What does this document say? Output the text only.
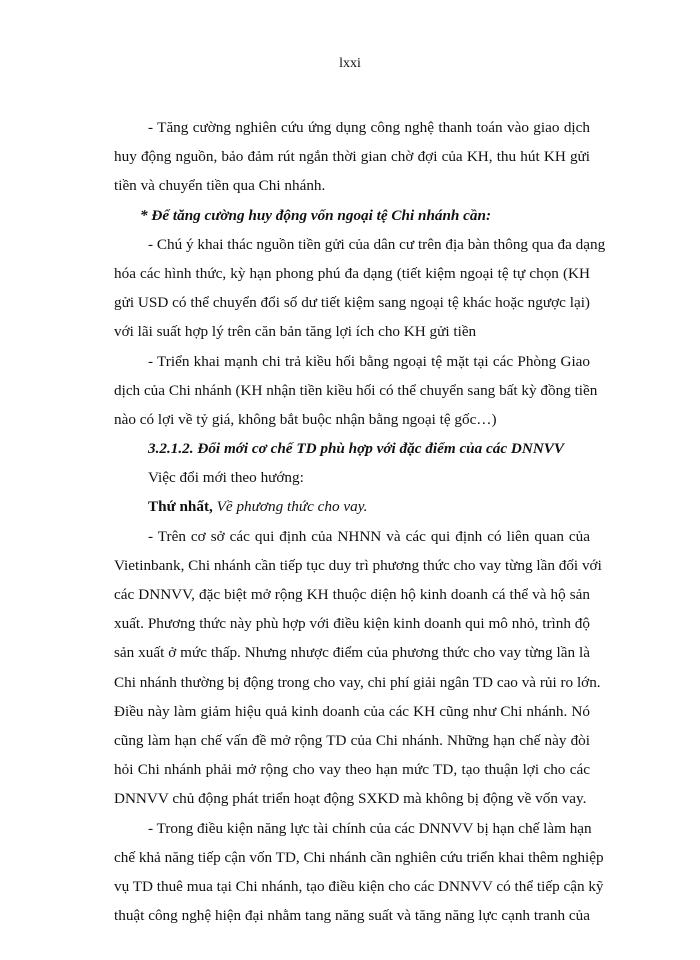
lxxi
- Tăng cường nghiên cứu ứng dụng công nghệ thanh toán vào giao dịch
huy động nguồn, bảo đảm rút ngắn thời gian chờ đợi của KH, thu hút KH gửi
tiền và chuyển tiền qua Chi nhánh.
* Để tăng cường huy động vốn ngoại tệ Chi nhánh cần:
- Chú ý khai thác nguồn tiền gửi của dân cư trên địa bàn thông qua đa dạng
hóa các hình thức, kỳ hạn phong phú đa dạng (tiết kiệm ngoại tệ tự chọn (KH
gửi USD có thể chuyển đổi số dư tiết kiệm sang ngoại tệ khác hoặc ngược lại)
với lãi suất hợp lý trên căn bản tăng lợi ích cho KH gửi tiền
- Triển khai mạnh chi trả kiều hối bằng ngoại tệ mặt tại các Phòng Giao
dịch của Chi nhánh (KH nhận tiền kiều hối có thể chuyển sang bất kỳ đồng tiền
nào có lợi về tỷ giá, không bắt buộc nhận bằng ngoại tệ gốc…)
3.2.1.2. Đổi mới cơ chế TD phù hợp với đặc điểm của các DNNVV
Việc đổi mới theo hướng:
Thứ nhất, Về phương thức cho vay.
- Trên cơ sở các qui định của NHNN và các qui định có liên quan của
Vietinbank, Chi nhánh cần tiếp tục duy trì phương thức cho vay từng lần đối với
các DNNVV, đặc biệt mở rộng KH thuộc diện hộ kinh doanh cá thể và hộ sản
xuất. Phương thức này phù hợp với điều kiện kinh doanh qui mô nhỏ, trình độ
sản xuất ở mức thấp. Nhưng nhược điểm của phương thức cho vay từng lần là
Chi nhánh thường bị động trong cho vay, chi phí giải ngân TD cao và rủi ro lớn.
Điều này làm giảm hiệu quả kinh doanh của các KH cũng như Chi nhánh. Nó
cũng làm hạn chế vấn đề mở rộng TD của Chi nhánh. Những hạn chế này đòi
hỏi Chi nhánh phải mở rộng cho vay theo hạn mức TD, tạo thuận lợi cho các
DNNVV chủ động phát triển hoạt động SXKD mà không bị động về vốn vay.
- Trong điều kiện năng lực tài chính của các DNNVV bị hạn chế làm hạn
chế khả năng tiếp cận vốn TD, Chi nhánh cần nghiên cứu triển khai thêm nghiệp
vụ TD thuê mua tại Chi nhánh, tạo điều kiện cho các DNNVV có thể tiếp cận kỹ
thuật công nghệ hiện đại nhằm tang năng suất và tăng năng lực cạnh tranh của
